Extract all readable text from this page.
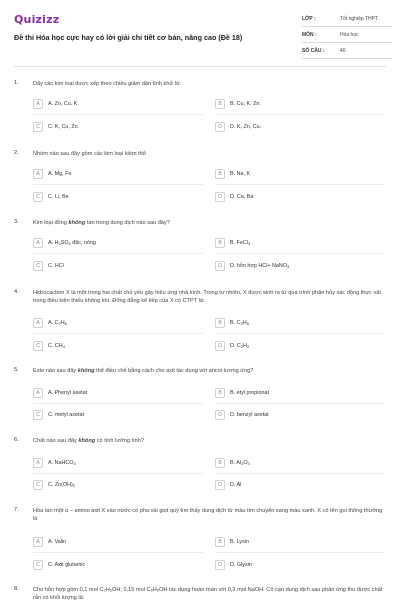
Quizizz
Đề thi Hóa học cực hay có lời giải chi tiết cơ bản, nâng cao (Đề 18)
LỚP :	Tốt nghiệp THPT
MÔN :	Hóa học
SỐ CÂU :	40
1.	Dãy các kim loại được xếp theo chiều giảm dần tính khử là:
A	A. Zn, Cu, K.	B	B. Cu, K, Zn.
C	C. K, Cu, Zn.	D	D. K, Zn, Cu.
2.	Nhóm nào sau đây gồm các kim loại kiềm thổ
A	A. Mg, Fe	B	B. Na, K
C	C. Li, Be	D	D. Ca, Ba
3.	Kim loại đồng không tan trong dung dịch nào sau đây?
A	A. $H_2SO_4$ đặc, nóng	B	B. FeCl$_3$
C	C. HCl	D	D. hỗn hợp HCl+ NaNO$_3$
4.	Hidrocacbon X là một trong hai chất chủ yếu gây hiệu ứng nhà kính. Trong tự nhiên, X được sinh ra từ quá trình phân hủy xác động thực vật trong điều kiện thiếu không khí. Đồng đẳng kế tiếp của X có CTPT là:
A	A. $C_2H_6$	B	B. $C_3H_8$
C	C. $CH_4$	D	D. $C_2H_2$
5.	Este nào sau đây không thể điều chế bằng cách cho axit tác dụng với ancol tương ứng?
A	A. Phenyl axetat	B	B. etyl propionat
C	C. metyl axetat	D	D. benzyl axetat
6.	Chất nào sau đây không có tính lưỡng tính?
A	A. NaHCO$_3$	B	B. $Al_2O_3$
C	C. $Zn(OH)_2$	D	D. Al
7.	Hòa tan một α – amino axit X vào nước có pha vài giọt quỳ tím thấy dung dịch từ màu tím chuyển sang màu xanh. X có tên gọi thông thường là
A	A. Valin	B	B. Lysin
C	C. Axit glutamic	D	D. Glyxin
8.	Cho hỗn hợp gồm 0,1 mol C₂H₅OH; 0,15 mol C₆H₅OH tác dụng hoàn toàn với 0,3 mol NaOH. Cô cạn dung dịch sau phản ứng thu được chất rắn có khối lượng là:
